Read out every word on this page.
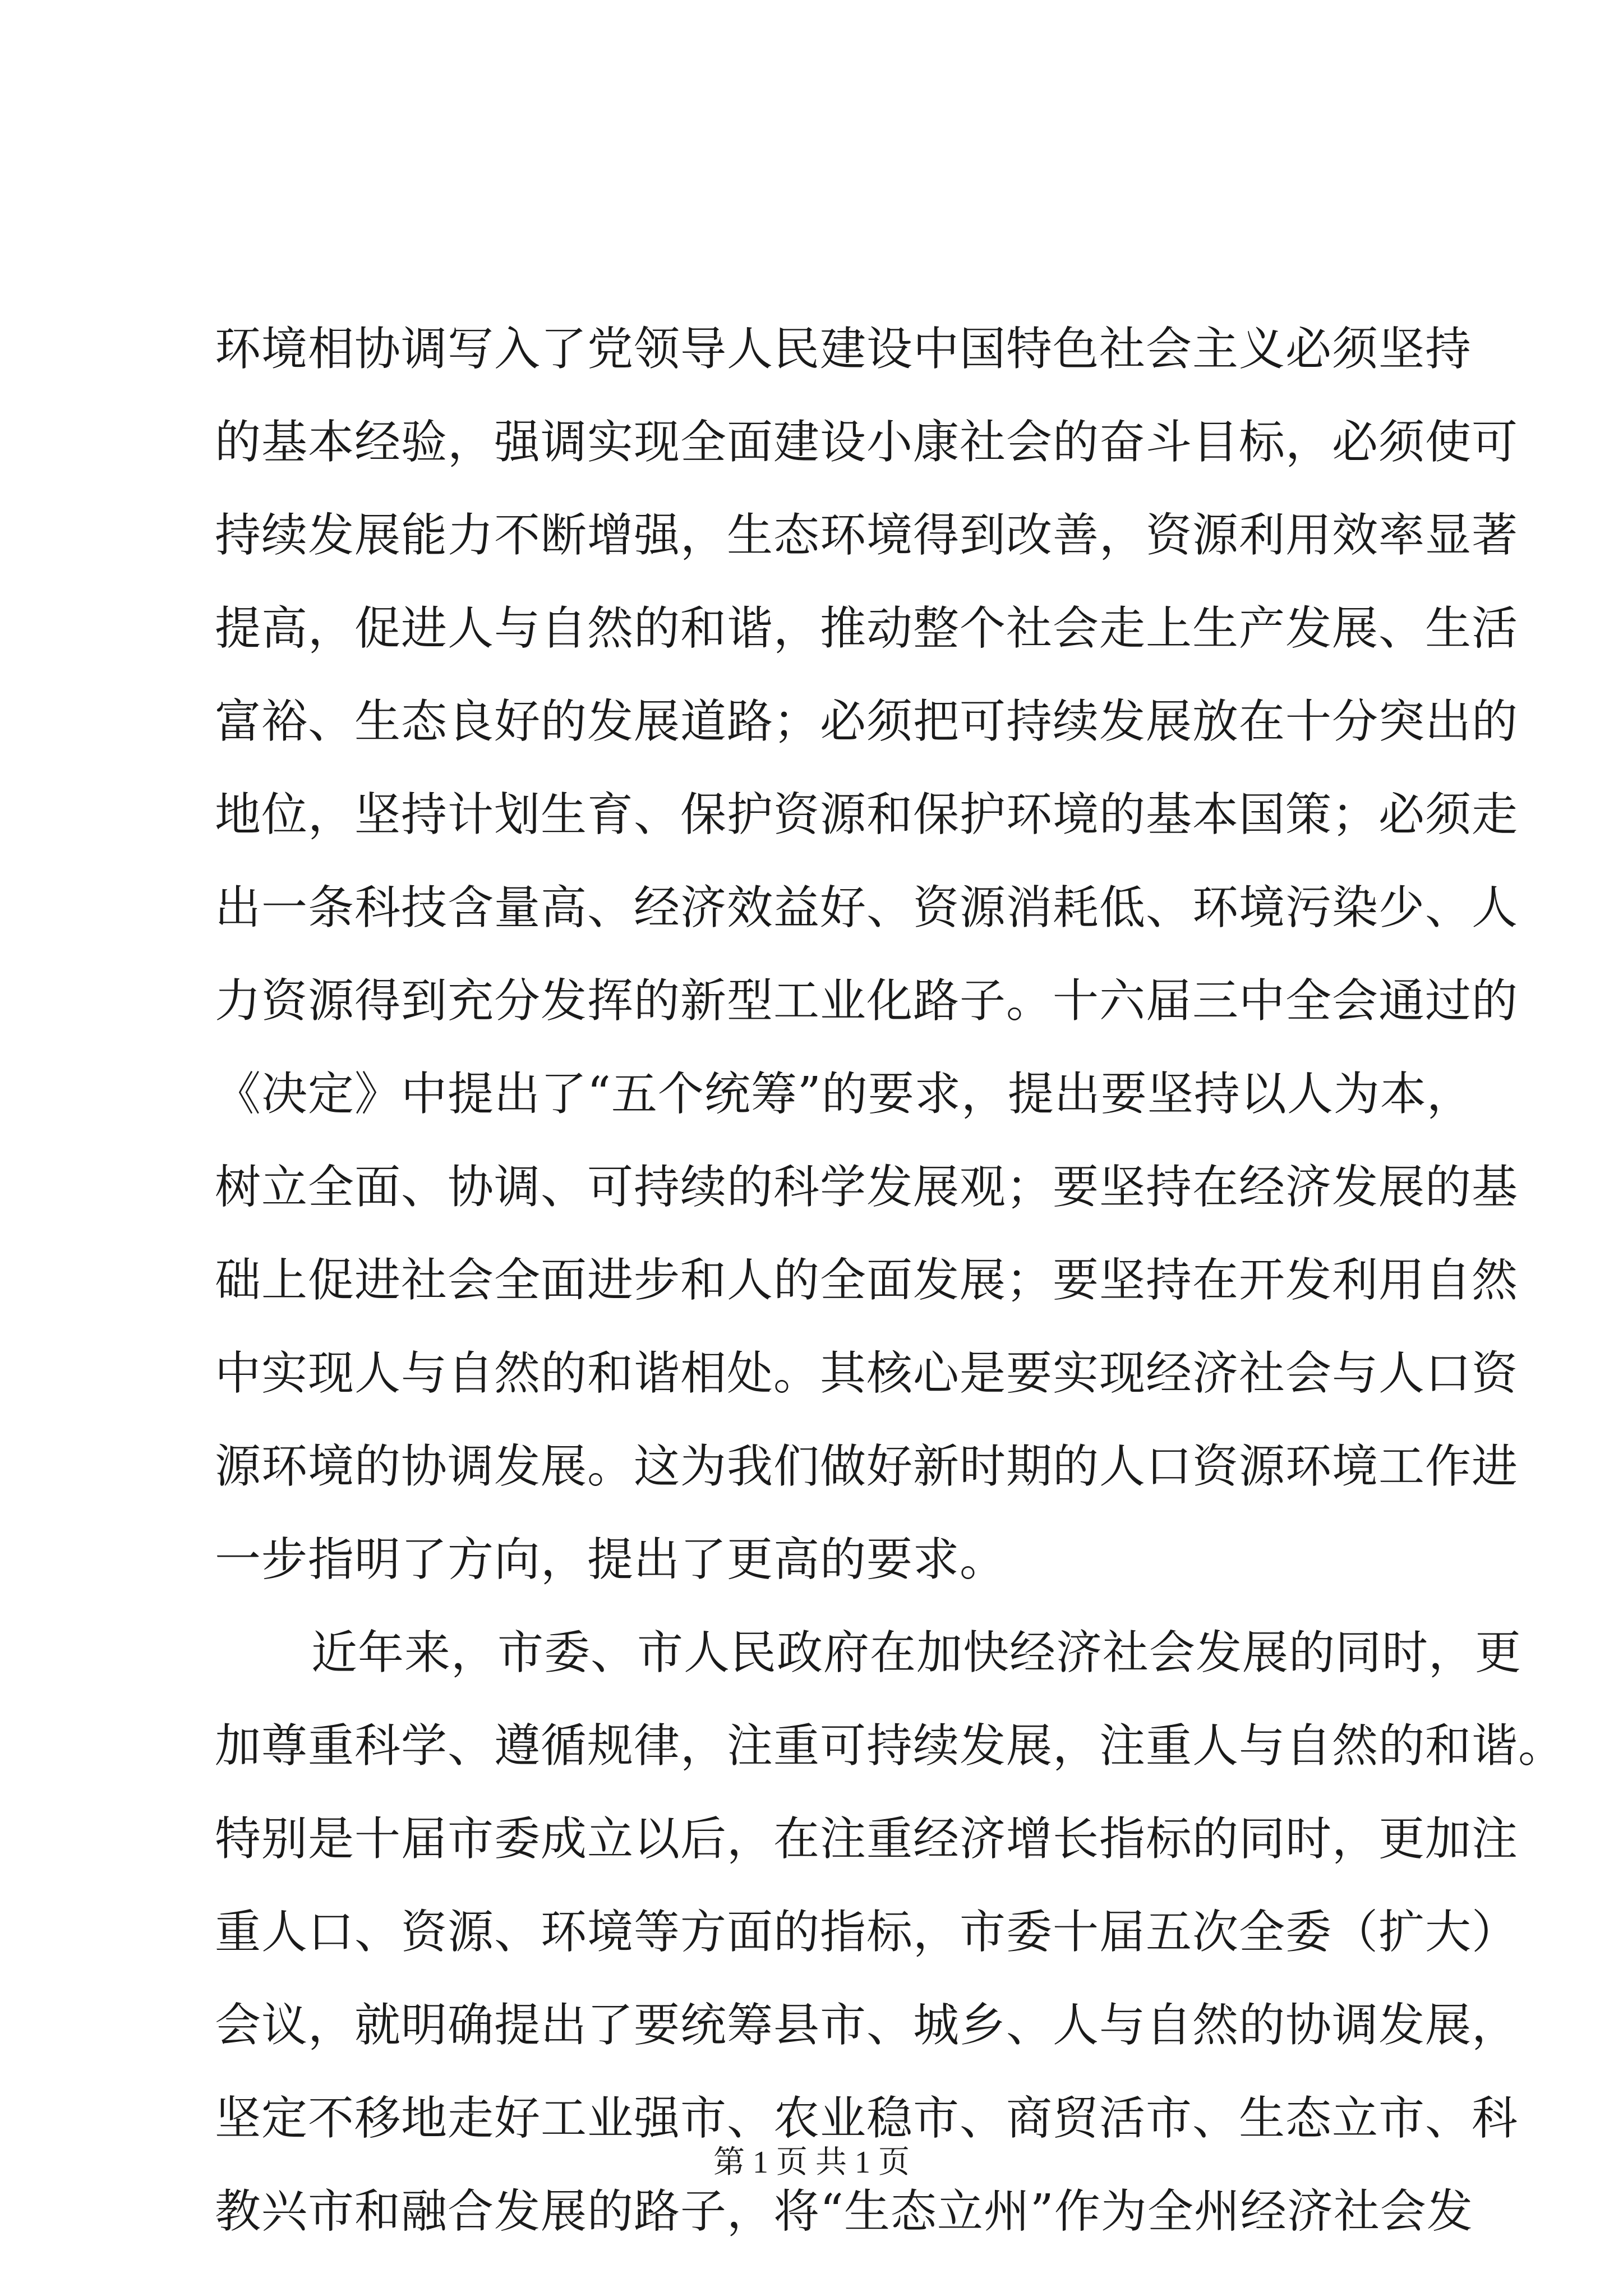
环境相协调写入了党领导人民建设中国特色社会主义必须坚持
的基本经验，强调实现全面建设小康社会的奋斗目标，必须使可
持续发展能力不断增强，生态环境得到改善，资源利用效率显著
提高，促进人与自然的和谐，推动整个社会走上生产发展、生活
富裕、生态良好的发展道路；必须把可持续发展放在十分突出的
地位，坚持计划生育、保护资源和保护环境的基本国策；必须走
出一条科技含量高、经济效益好、资源消耗低、环境污染少、人
力资源得到充分发挥的新型工业化路子。十六届三中全会通过的
《决定》中提出了“五个统筹”的要求，提出要坚持以人为本，
树立全面、协调、可持续的科学发展观；要坚持在经济发展的基
础上促进社会全面进步和人的全面发展；要坚持在开发利用自然
中实现人与自然的和谐相处。其核心是要实现经济社会与人口资
源环境的协调发展。这为我们做好新时期的人口资源环境工作进
一步指明了方向，提出了更高的要求。
近年来，市委、市人民政府在加快经济社会发展的同时，更
加尊重科学、遵循规律，注重可持续发展，注重人与自然的和谐。
特别是十届市委成立以后，在注重经济增长指标的同时，更加注
重人口、资源、环境等方面的指标，市委十届五次全委（扩大）
会议，就明确提出了要统筹县市、城乡、人与自然的协调发展，
坚定不移地走好工业强市、农业稳市、商贸活市、生态立市、科
教兴市和融合发展的路子，将“生态立州”作为全州经济社会发
第 1 页 共 1 页
